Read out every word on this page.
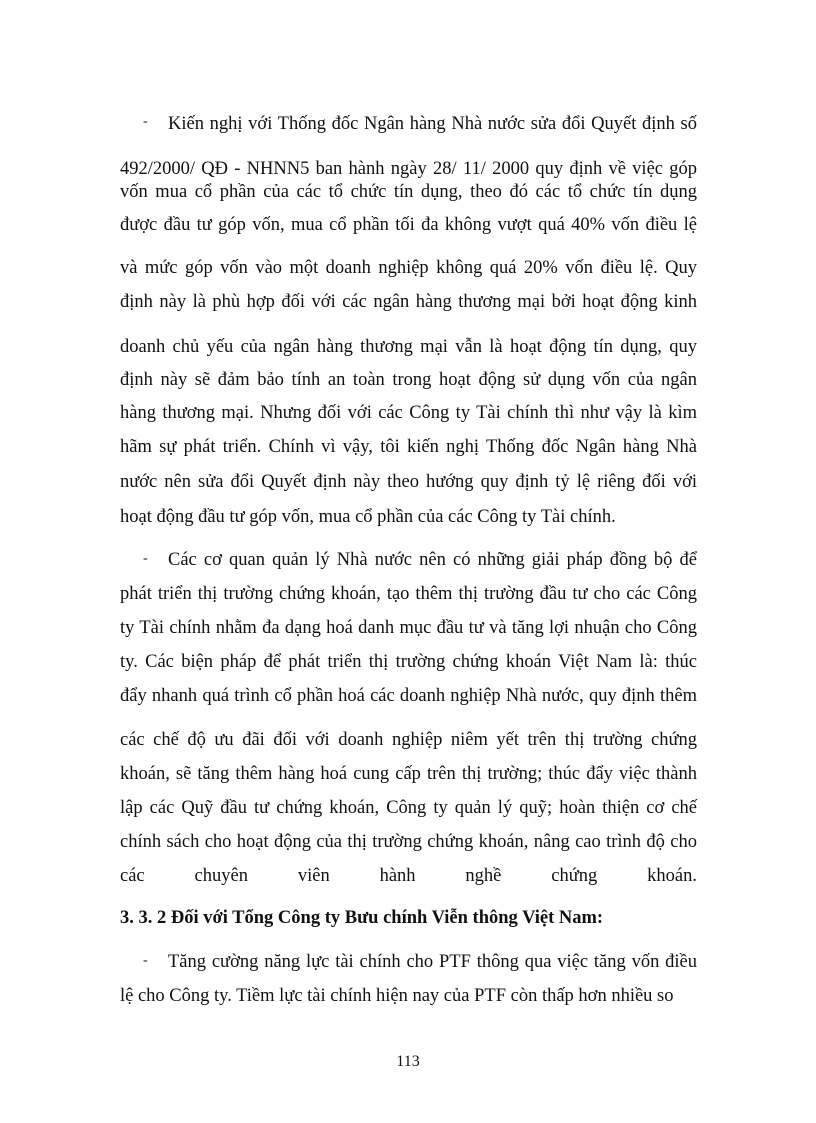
-	Kiến nghị với Thống đốc Ngân hàng Nhà nước sửa đổi Quyết định số
492/2000/ QĐ - NHNN5 ban hành ngày 28/ 11/ 2000 quy định về việc góp
vốn mua cổ phần của các tổ chức tín dụng, theo đó các tổ chức tín dụng
được đầu tư góp vốn, mua cổ phần tối đa không vượt quá 40% vốn điều lệ
và mức góp vốn vào một doanh nghiệp không quá 20% vốn điều lệ. Quy
định này là phù hợp đối với các ngân hàng thương mại bởi hoạt động kinh
doanh chủ yếu của ngân hàng thương mại vẫn là hoạt động tín dụng, quy
định này sẽ đảm bảo tính an toàn trong hoạt động sử dụng vốn của ngân
hàng thương mại. Nhưng đối với các Công ty Tài chính thì như vậy là kìm
hãm sự phát triển. Chính vì vậy, tôi kiến nghị Thống đốc Ngân hàng Nhà
nước nên sửa đổi Quyết định này theo hướng quy định tỷ lệ riêng đối với
hoạt động đầu tư góp vốn, mua cổ phần của các Công ty Tài chính.
-	Các cơ quan quản lý Nhà nước nên có những giải pháp đồng bộ để
phát triển thị trường chứng khoán, tạo thêm thị trường đầu tư cho các Công
ty Tài chính nhằm đa dạng hoá danh mục đầu tư và tăng lợi nhuận cho Công
ty. Các biện pháp để phát triển thị trường chứng khoán Việt Nam là: thúc
đẩy nhanh quá trình cổ phần hoá các doanh nghiệp Nhà nước, quy định thêm
các chế độ ưu đãi đối với doanh nghiệp niêm yết trên thị trường chứng
khoán, sẽ tăng thêm hàng hoá cung cấp trên thị trường; thúc đẩy việc thành
lập các Quỹ đầu tư chứng khoán, Công ty quản lý quỹ; hoàn thiện cơ chế
chính sách cho hoạt động của thị trường chứng khoán, nâng cao trình độ cho
các chuyên viên hành nghề chứng khoán.
3. 3. 2 Đối với Tổng Công ty Bưu chính Viễn thông Việt Nam:
-	Tăng cường năng lực tài chính cho PTF thông qua việc tăng vốn điều
lệ cho Công ty. Tiềm lực tài chính hiện nay của PTF còn thấp hơn nhiều so
113
